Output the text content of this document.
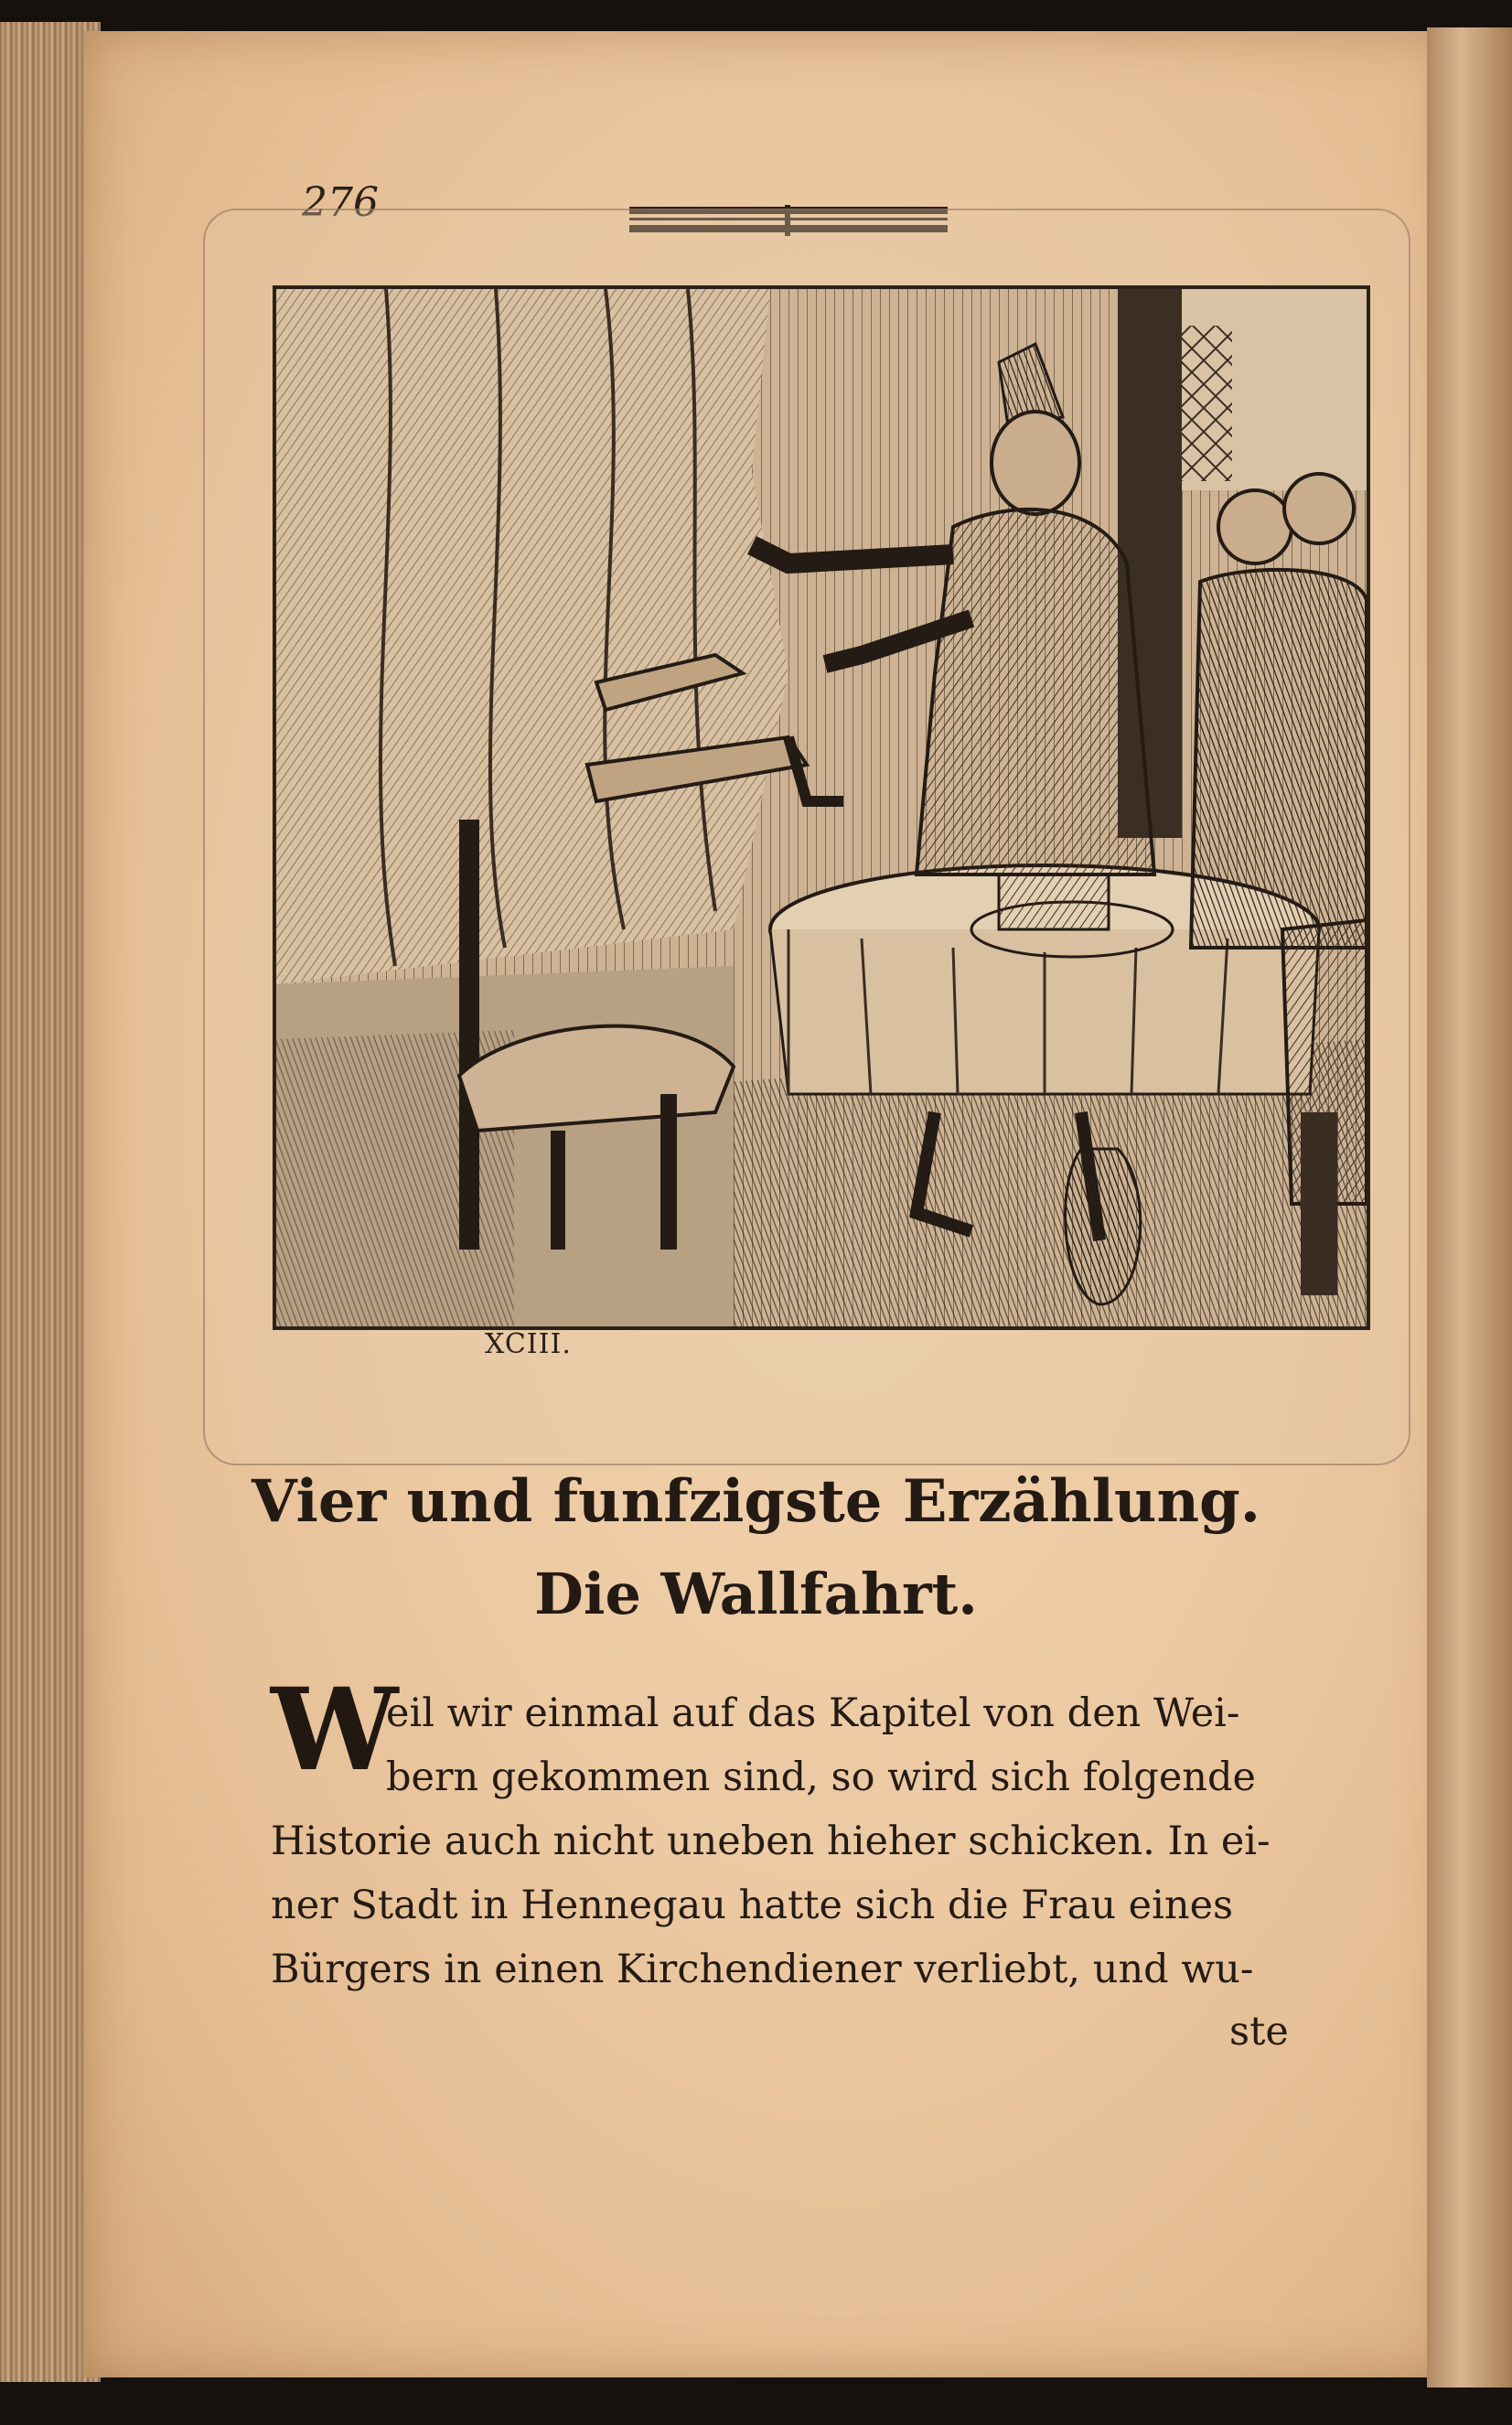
276
XCIII.
Vier und funfzigste Erzählung.
Die Wallfahrt.
W
eil wir einmal auf das Kapitel von den Wei-
bern gekommen sind, so wird sich folgende
Historie auch nicht uneben hieher schicken. In ei-
ner Stadt in Hennegau hatte sich die Frau eines
Bürgers in einen Kirchendiener verliebt, und wu-
ste
